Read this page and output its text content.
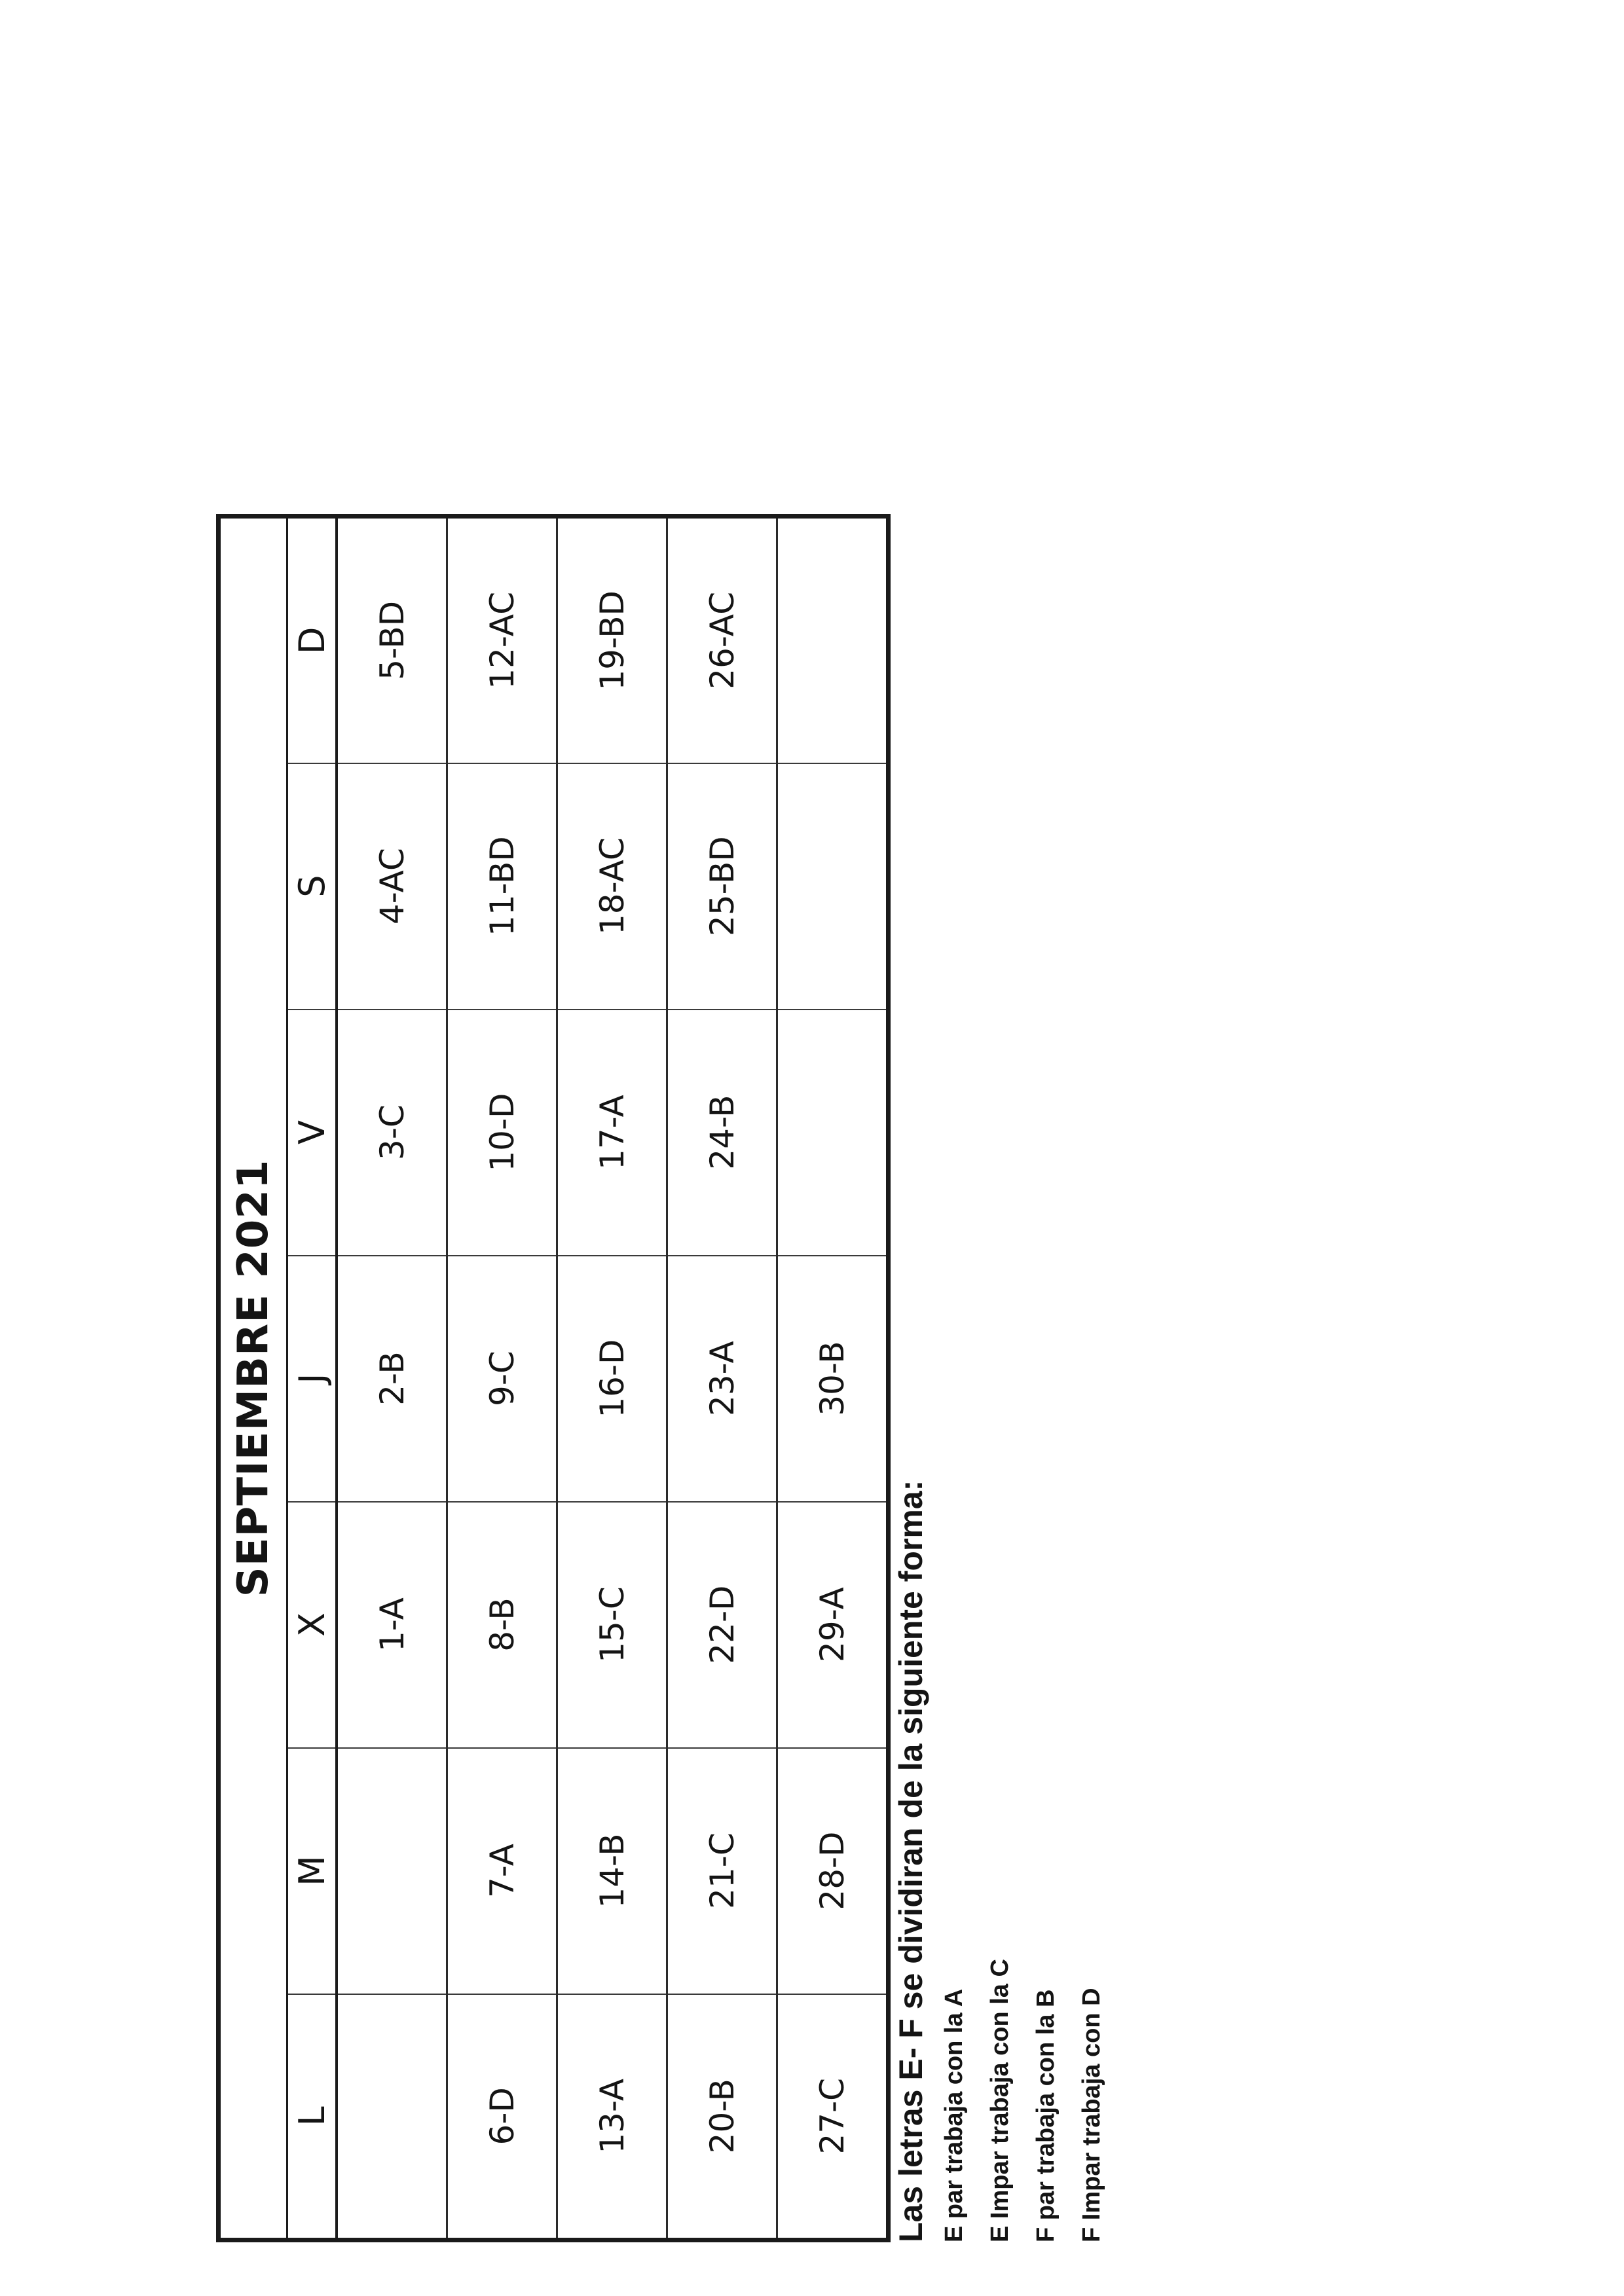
SEPTIEMBRE 2021						
L	M	X	J	V	S	D
		1-A	2-B	3-C	4-AC	5-BD
6-D	7-A	8-B	9-C	10-D	11-BD	12-AC
13-A	14-B	15-C	16-D	17-A	18-AC	19-BD
20-B	21-C	22-D	23-A	24-B	25-BD	26-AC
27-C	28-D	29-A	30-B			
Las letras E- F se dividiran de la siguiente forma: E par trabaja con la A E Impar trabaja con la C F par trabaja con la B F Impar trabaja con D
